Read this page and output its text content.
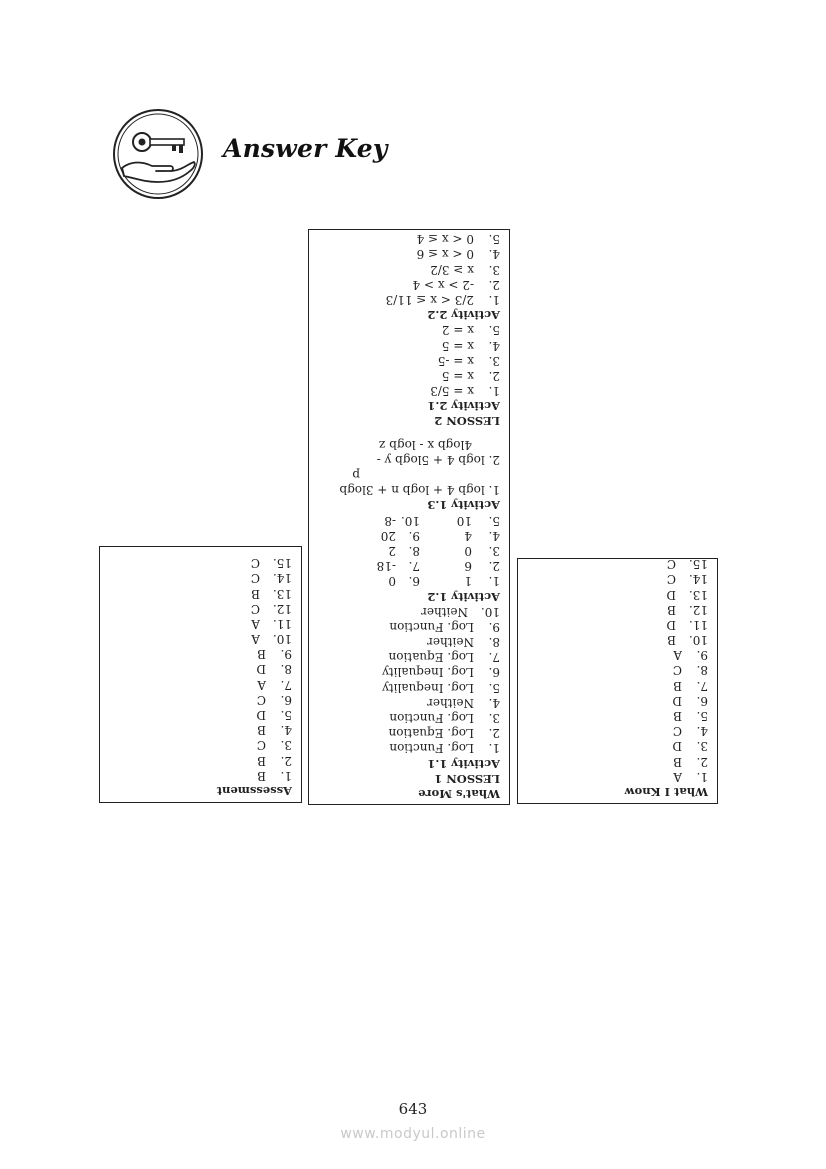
Answer Key
Assessment
1.B
2.B
3.C
4.B
5.D
6.C
7.A
8.D
9.B
10.A
11.A
12.C
13.B
14.C
15.C
What's More
LESSON 1
Activity 1.1
1.Log. Function
2.Log. Equation
3.Log. Function
4.Neither
5.Log. Inequality
6.Log. Inequality
7.Log. Equation
8.Neither
9.Log. Function
10.Neither
Activity 1.2
1.
1
6.
0
2.
6
7.
-18
3.
0
8.
2
4.
4
9.
20
5.
10
10.
-8
Activity 1.3
1. logb 4 + logb n + 3logb
p
2. logb 4 + 5logb y -
4logb x - logb z
LESSON 2
Activity 2.1
1.x = 5/3
2.x = 5
3.x = -5
4.x = 5
5.x = 2
Activity 2.2
1.2/3 < x ≤ 11/3
2.-2 > x > 4
3.x ≥ 3/2
4.0 < x ≤ 6
5.0 < x ≤ 4
What I Know
1.A
2.B
3.D
4.C
5.B
6.D
7.B
8.C
9.A
10.B
11.D
12.B
13.D
14.C
15.C
643
www.modyul.online
